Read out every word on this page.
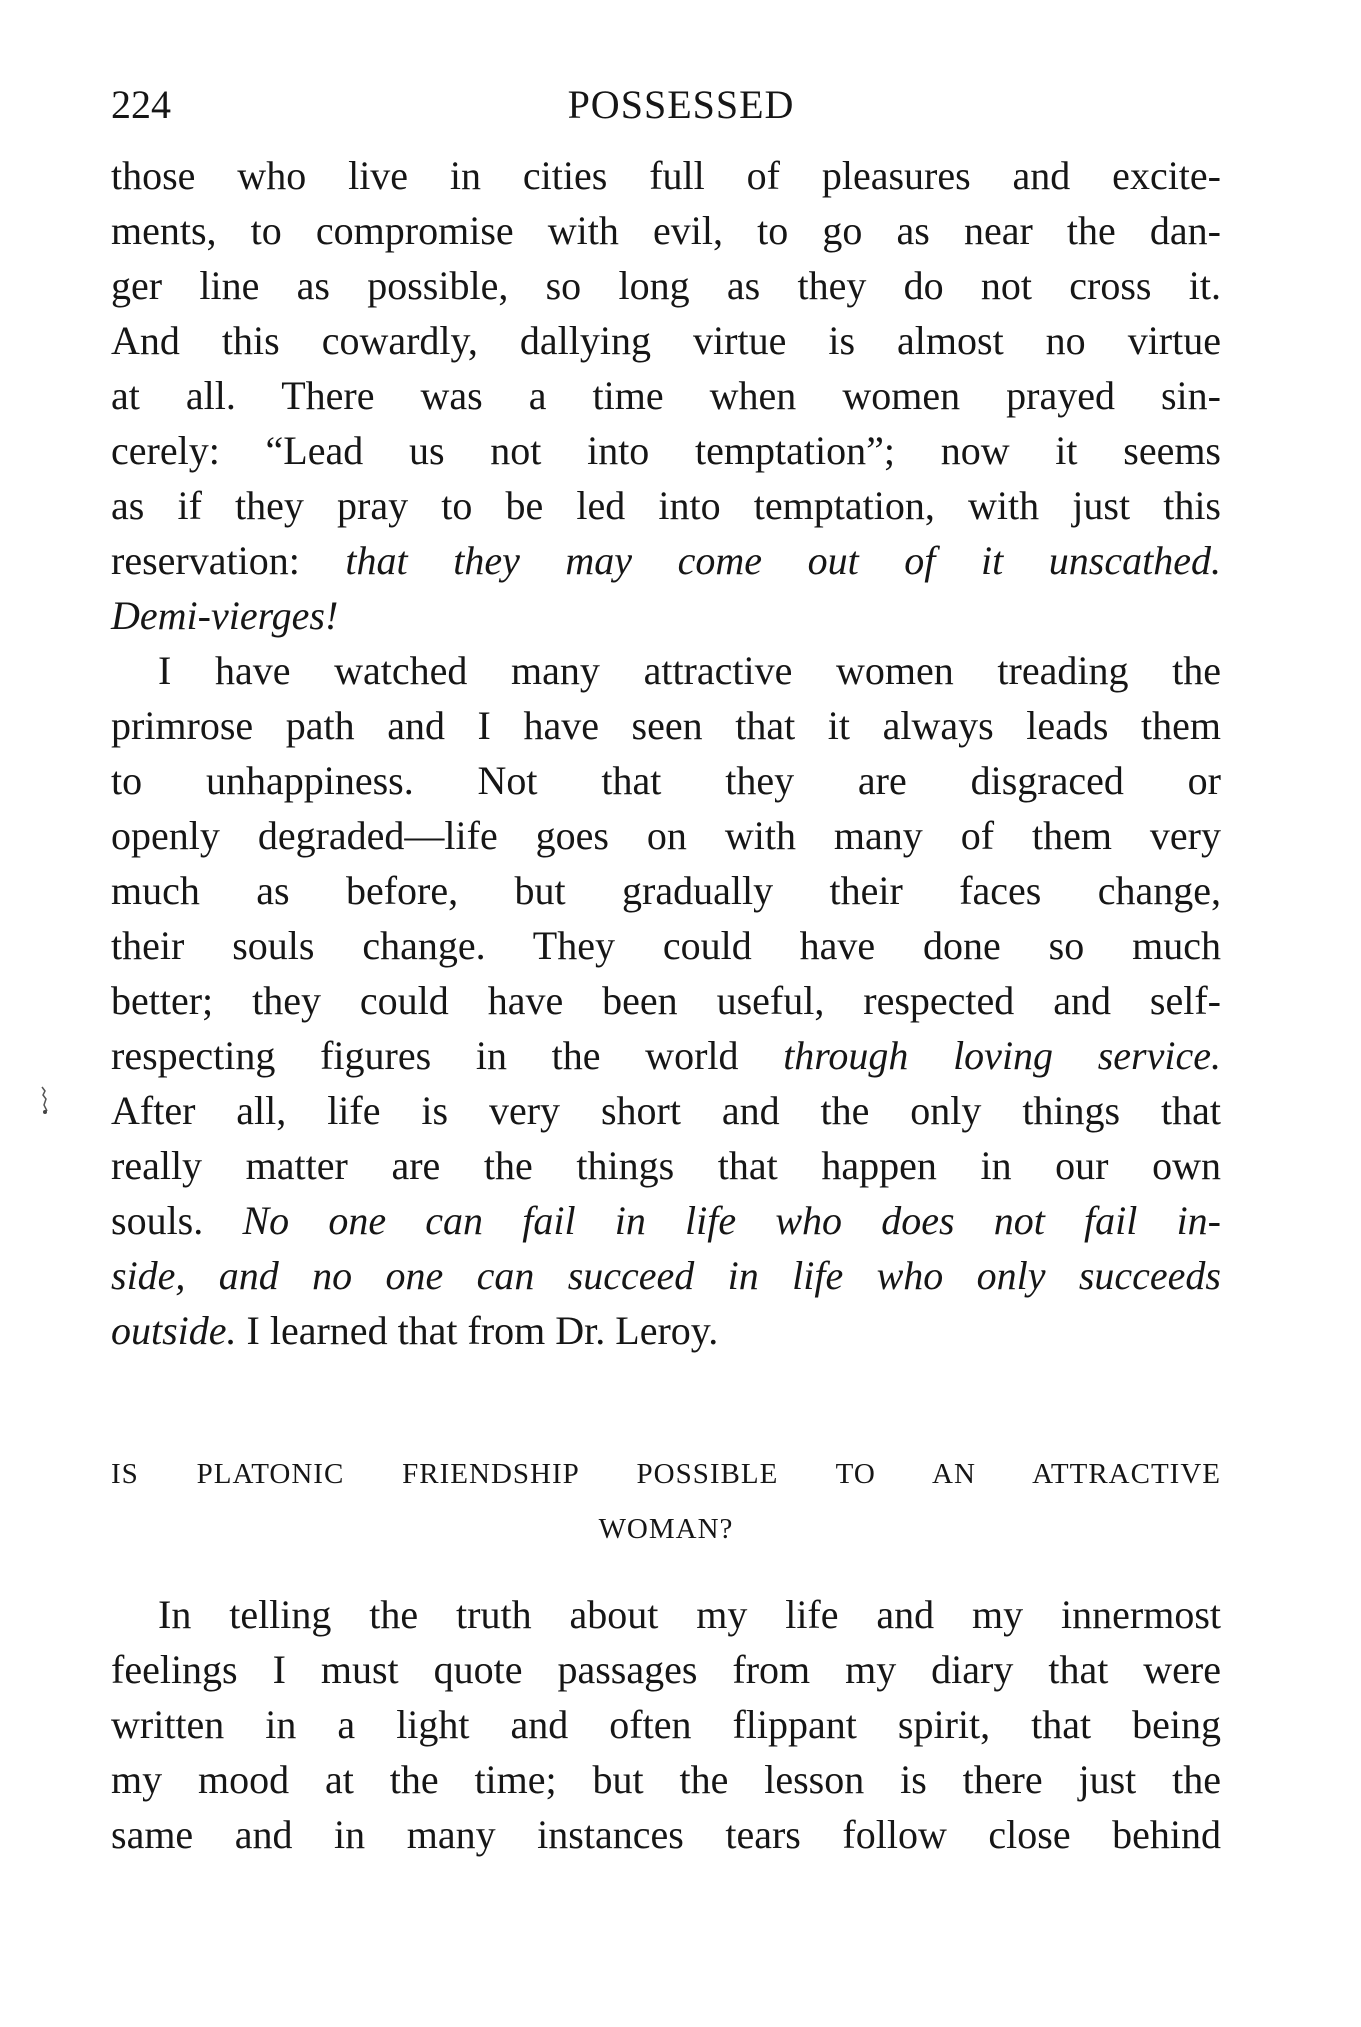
224	POSSESSED
those who live in cities full of pleasures and excite-
ments, to compromise with evil, to go as near the dan-
ger line as possible, so long as they do not cross it.
And this cowardly, dallying virtue is almost no virtue
at all. There was a time when women prayed sin-
cerely: “Lead us not into temptation”; now it seems
as if they pray to be led into temptation, with just this
reservation: that they may come out of it unscathed.
Demi-vierges!
I have watched many attractive women treading the
primrose path and I have seen that it always leads them
to unhappiness. Not that they are disgraced or
openly degraded—life goes on with many of them very
much as before, but gradually their faces change,
their souls change. They could have done so much
better; they could have been useful, respected and self-
respecting figures in the world through loving service.
After all, life is very short and the only things that
really matter are the things that happen in our own
souls. No one can fail in life who does not fail in-
side, and no one can succeed in life who only succeeds
outside. I learned that from Dr. Leroy.
IS PLATONIC FRIENDSHIP POSSIBLE TO AN ATTRACTIVE
WOMAN?
In telling the truth about my life and my innermost
feelings I must quote passages from my diary that were
written in a light and often flippant spirit, that being
my mood at the time; but the lesson is there just the
same and in many instances tears follow close behind
